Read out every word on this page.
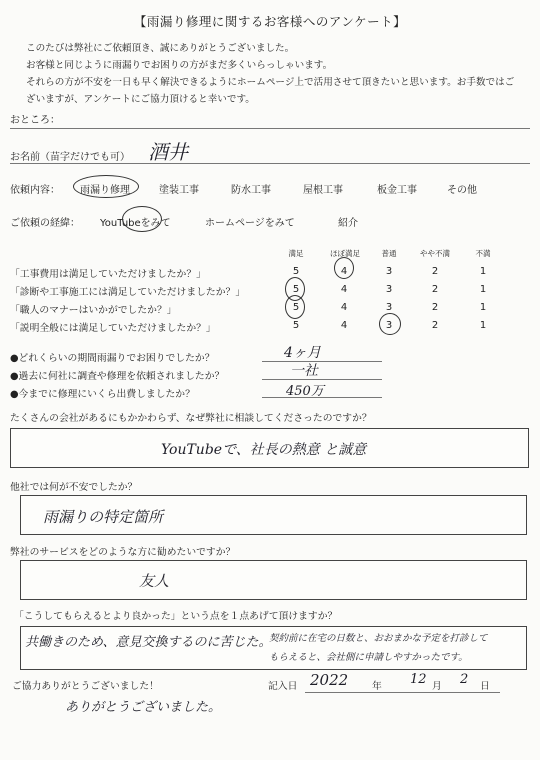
【雨漏り修理に関するお客様へのアンケート】
このたびは弊社にご依頼頂き、誠にありがとうございました。
お客様と同じように雨漏りでお困りの方がまだ多くいらっしゃいます。
それらの方が不安を一日も早く解決できるようにホームページ上で活用させて頂きたいと思います。お手数ではご
ざいますが、アンケートにご協力頂けると幸いです。
おところ：
お名前（苗字だけでも可） 酒井
依頼内容： 雨漏り修理	塗装工事	防水工事	屋根工事	板金工事	その他
ご依頼の経緯： YouTubeをみて	ホームページをみて	紹介
満足	ほぼ満足	普通	やや不満	不満
「工事費用は満足していただけましたか？」	5	4	3	2	1
「診断や工事施工には満足していただけましたか？」	5	4	3	2	1
「職人のマナーはいかがでしたか？」	5	4	3	2	1
「説明全般には満足していただけましたか？」	5	4	3	2	1
●どれくらいの期間雨漏りでお困りでしたか？	4ヶ月
●過去に何社に調査や修理を依頼されましたか？	一社
●今までに修理にいくら出費しましたか？	450万
たくさんの会社があるにもかかわらず、なぜ弊社に相談してくださったのですか？
YouTubeで、社長の熱意 と誠意
他社では何が不安でしたか？
雨漏りの特定箇所
弊社のサービスをどのような方に勧めたいですか？
友人
「こうしてもらえるとより良かった」という点を１点あげて頂けますか？
共働きのため、意見交換するのに苦じた。
契約前に在宅の日数と、おおまかな予定を打診して
もらえると、会社側に申請しやすかったです。
ご協力ありがとうございました！	記入日 2022 年 12 月 2 日
ありがとうございました。
